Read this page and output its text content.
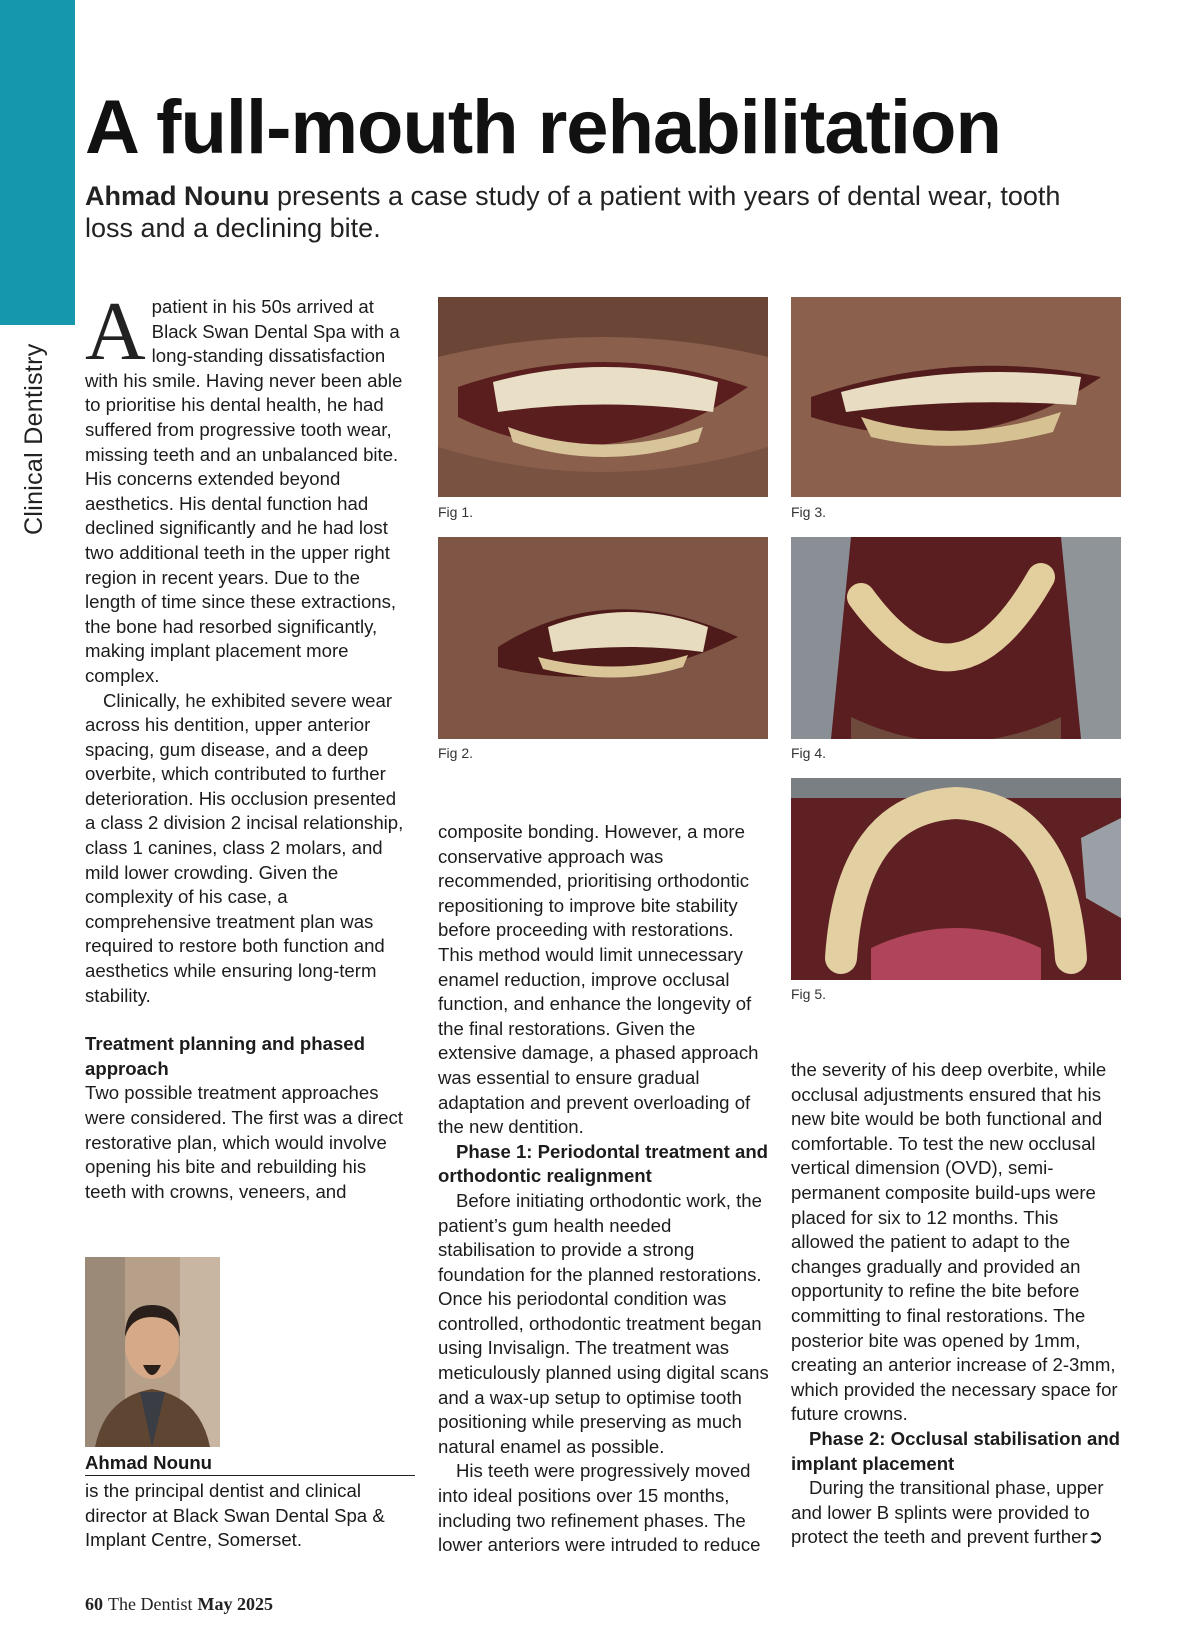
Clinical Dentistry
A full-mouth rehabilitation

Ahmad Nounu presents a case study of a patient with years of dental wear, tooth loss and a declining bite.

Apatient in his 50s arrived at Black Swan Dental Spa with a long-standing dissatisfaction with his smile. Having never been able to prioritise his dental health, he had suffered from progressive tooth wear, missing teeth and an unbalanced bite. His concerns extended beyond aesthetics. His dental function had declined significantly and he had lost two additional teeth in the upper right region in recent years. Due to the length of time since these extractions, the bone had resorbed significantly, making implant placement more complex.

Clinically, he exhibited severe wear across his dentition, upper anterior spacing, gum disease, and a deep overbite, which contributed to further deterioration. His occlusion presented a class 2 division 2 incisal relationship, class 1 canines, class 2 molars, and mild lower crowding. Given the complexity of his case, a comprehensive treatment plan was required to restore both function and aesthetics while ensuring long-term stability.

Treatment planning and phased approach

Two possible treatment approaches were considered. The first was a direct restorative plan, which would involve opening his bite and rebuilding his teeth with crowns, veneers, and

Ahmad Nounu
is the principal dentist and clinical director at Black Swan Dental Spa & Implant Centre, Somerset.
Fig 1.
Fig 2.
Fig 3.
Fig 4.
Fig 5.

composite bonding. However, a more conservative approach was recommended, prioritising orthodontic repositioning to improve bite stability before proceeding with restorations. This method would limit unnecessary enamel reduction, improve occlusal function, and enhance the longevity of the final restorations. Given the extensive damage, a phased approach was essential to ensure gradual adaptation and prevent overloading of the new dentition.

Phase 1: Periodontal treatment and orthodontic realignment

Before initiating orthodontic work, the patient’s gum health needed stabilisation to provide a strong foundation for the planned restorations. Once his periodontal condition was controlled, orthodontic treatment began using Invisalign. The treatment was meticulously planned using digital scans and a wax-up setup to optimise tooth positioning while preserving as much natural enamel as possible.

His teeth were progressively moved into ideal positions over 15 months, including two refinement phases. The lower anteriors were intruded to reduce

the severity of his deep overbite, while occlusal adjustments ensured that his new bite would be both functional and comfortable. To test the new occlusal vertical dimension (OVD), semi-permanent composite build-ups were placed for six to 12 months. This allowed the patient to adapt to the changes gradually and provided an opportunity to refine the bite before committing to final restorations. The posterior bite was opened by 1mm, creating an anterior increase of 2-3mm, which provided the necessary space for future crowns.

Phase 2: Occlusal stabilisation and implant placement

During the transitional phase, upper and lower B splints were provided to protect the teeth and prevent further➲

60 The Dentist May 2025
